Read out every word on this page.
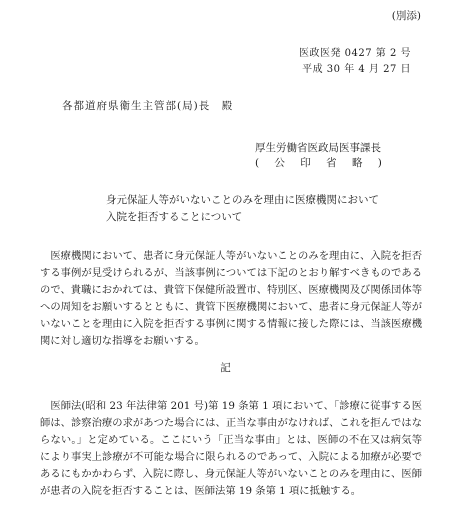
(別添)
医政医発 0427 第 2 号
平成 30 年 4 月 27 日
各都道府県衛生主管部(局)長　殿
厚生労働省医政局医事課長
( 公 印 省 略 )
身元保証人等がいないことのみを理由に医療機関において
入院を拒否することについて
　医療機関において、患者に身元保証人等がいないことのみを理由に、入院を拒否する事例が見受けられるが、当該事例については下記のとおり解すべきものであるので、貴職におかれては、貴管下保健所設置市、特別区、医療機関及び関係団体等への周知をお願いするとともに、貴管下医療機関において、患者に身元保証人等がいないことを理由に入院を拒否する事例に関する情報に接した際には、当該医療機関に対し適切な指導をお願いする。
記
　医師法(昭和 23 年法律第 201 号)第 19 条第 1 項において、「診療に従事する医師は、診察治療の求があつた場合には、正当な事由がなければ、これを拒んではならない。」と定めている。ここにいう「正当な事由」とは、医師の不在又は病気等により事実上診療が不可能な場合に限られるのであって、入院による加療が必要であるにもかかわらず、入院に際し、身元保証人等がいないことのみを理由に、医師が患者の入院を拒否することは、医師法第 19 条第 1 項に抵触する。
